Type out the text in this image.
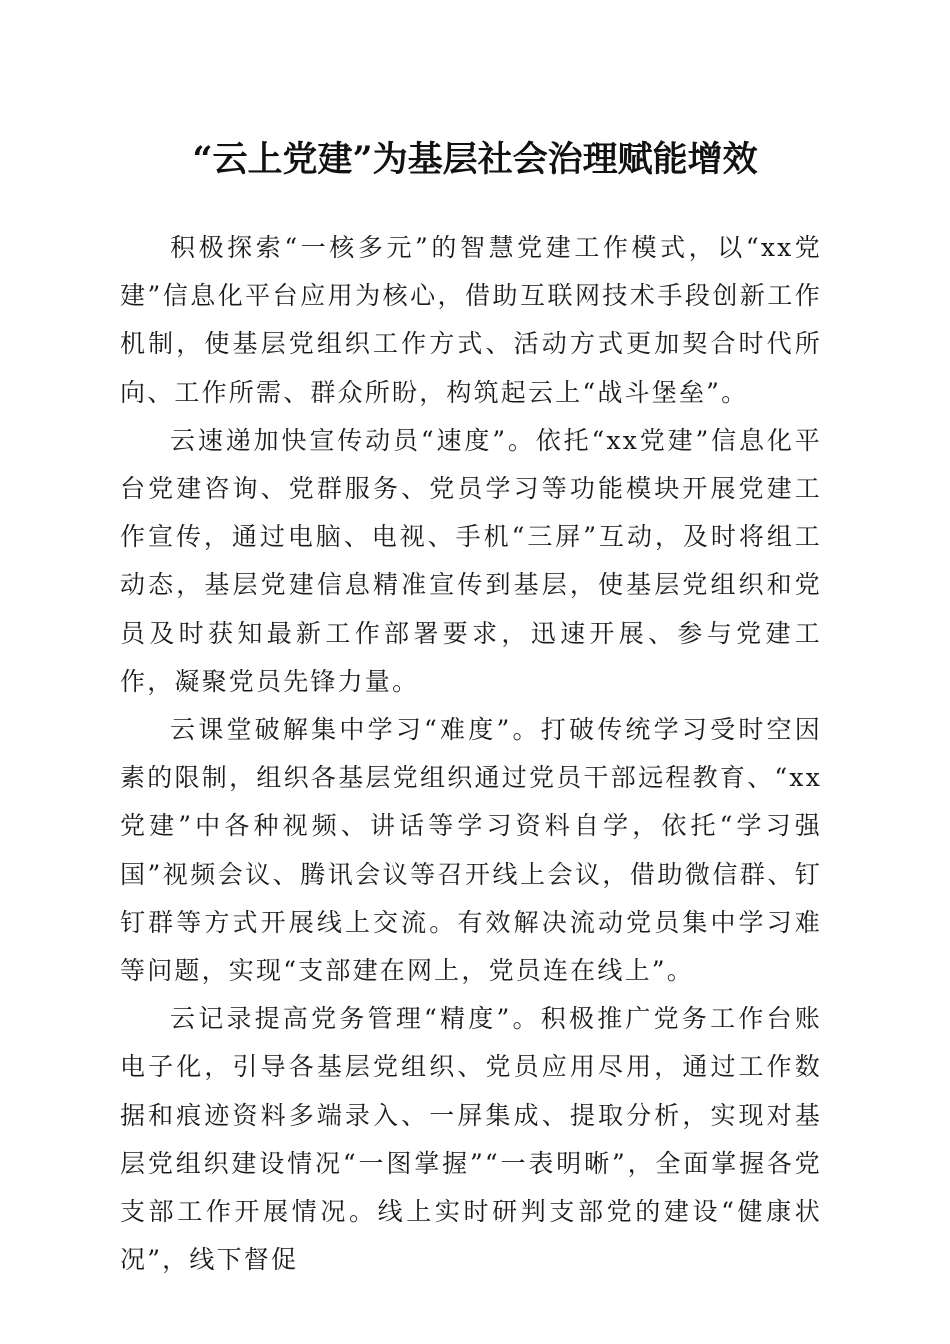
“云上党建”为基层社会治理赋能增效

积极探索“一核多元”的智慧党建工作模式，以“xx党建”信息化平台应用为核心，借助互联网技术手段创新工作机制，使基层党组织工作方式、活动方式更加契合时代所向、工作所需、群众所盼，构筑起云上“战斗堡垒”。

云速递加快宣传动员“速度”。依托“xx党建”信息化平台党建咨询、党群服务、党员学习等功能模块开展党建工作宣传，通过电脑、电视、手机“三屏”互动，及时将组工动态，基层党建信息精准宣传到基层，使基层党组织和党员及时获知最新工作部署要求，迅速开展、参与党建工作，凝聚党员先锋力量。

云课堂破解集中学习“难度”。打破传统学习受时空因素的限制，组织各基层党组织通过党员干部远程教育、“xx党建”中各种视频、讲话等学习资料自学，依托“学习强国”视频会议、腾讯会议等召开线上会议，借助微信群、钉钉群等方式开展线上交流。有效解决流动党员集中学习难等问题，实现“支部建在网上，党员连在线上”。

云记录提高党务管理“精度”。积极推广党务工作台账电子化，引导各基层党组织、党员应用尽用，通过工作数据和痕迹资料多端录入、一屏集成、提取分析，实现对基层党组织建设情况“一图掌握”“一表明晰”，全面掌握各党支部工作开展情况。线上实时研判支部党的建设“健康状况”，线下督促
